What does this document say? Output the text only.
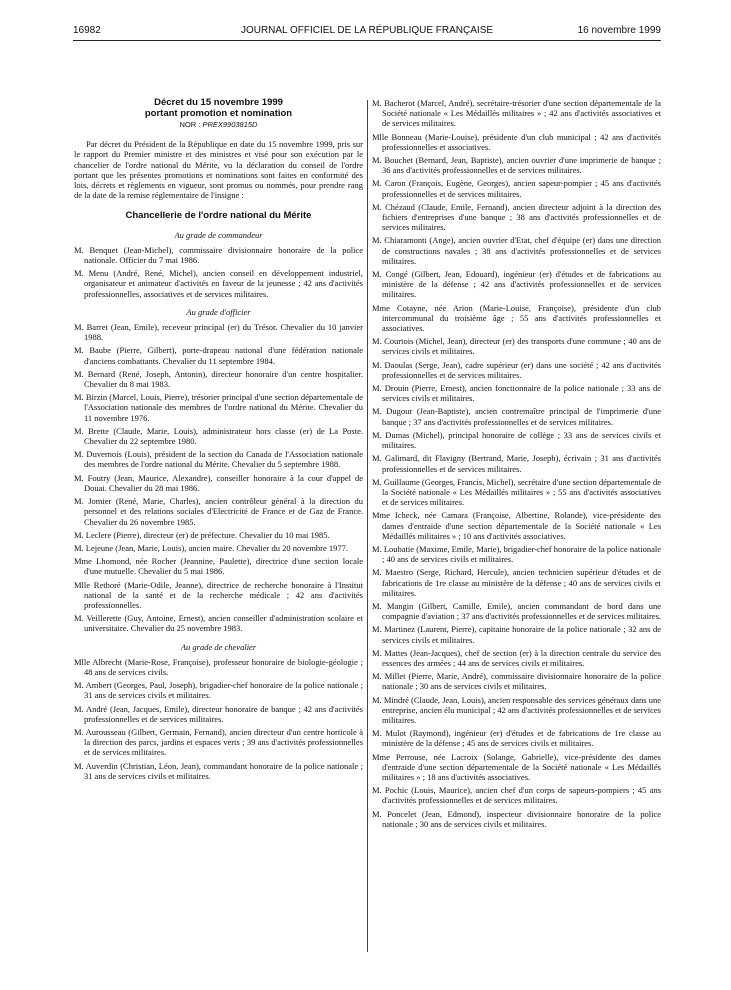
16982	JOURNAL OFFICIEL DE LA RÉPUBLIQUE FRANÇAISE	16 novembre 1999
Décret du 15 novembre 1999
portant promotion et nomination
NOR : PREX9903815D

Par décret du Président de la République en date du 15 novembre 1999, pris sur le rapport du Premier ministre et des ministres et visé pour son exécution par le chancelier de l'ordre national du Mérite, vu la déclaration du conseil de l'ordre portant que les présentes promotions et nominations sont faites en conformité des lois, décrets et règlements en vigueur, sont promus ou nommés, pour prendre rang de la date de la remise réglementaire de l'insigne :

Chancellerie de l'ordre national du Mérite
Au grade de commandeur

M. Benquet (Jean-Michel), commissaire divisionnaire honoraire de la police nationale. Officier du 7 mai 1986.

M. Menu (André, René, Michel), ancien conseil en développement industriel, organisateur et animateur d'activités en faveur de la jeunesse ; 42 ans d'activités professionnelles, associatives et de services militaires.

Au grade d'officier

M. Barret (Jean, Emile), receveur principal (er) du Trésor. Chevalier du 10 janvier 1988.

M. Baube (Pierre, Gilbert), porte-drapeau national d'une fédération nationale d'anciens combattants. Chevalier du 11 septembre 1984.

M. Bernard (René, Joseph, Antonin), directeur honoraire d'un centre hospitalier. Chevalier du 8 mai 1983.

M. Birzin (Marcel, Louis, Pierre), trésorier principal d'une section départementale de l'Association nationale des membres de l'ordre national du Mérite. Chevalier du 11 novembre 1976.

M. Brette (Claude, Marie, Louis), administrateur hors classe (er) de La Poste. Chevalier du 22 septembre 1980.

M. Duvernois (Louis), président de la section du Canada de l'Association nationale des membres de l'ordre national du Mérite. Chevalier du 5 septembre 1988.

M. Foutry (Jean, Maurice, Alexandre), conseiller honoraire à la cour d'appel de Douai. Chevalier du 28 mai 1986.

M. Jomier (René, Marie, Charles), ancien contrôleur général à la direction du personnel et des relations sociales d'Electricité de France et de Gaz de France. Chevalier du 26 novembre 1985.

M. Leclere (Pierre), directeur (er) de préfecture. Chevalier du 10 mai 1985.

M. Lejeune (Jean, Marie, Louis), ancien maire. Chevalier du 20 novembre 1977.

Mme Lhomond, née Rocher (Jeannine, Paulette), directrice d'une section locale d'une mutuelle. Chevalier du 5 mai 1986.

Mlle Rethoré (Marie-Odile, Jeanne), directrice de recherche honoraire à l'Institut national de la santé et de la recherche médicale ; 42 ans d'activités professionnelles.

M. Veillerette (Guy, Antoine, Ernest), ancien conseiller d'administration scolaire et universitaire. Chevalier du 25 novembre 1983.

Au grade de chevalier

Mlle Albrecht (Marie-Rose, Françoise), professeur honoraire de biologie-géologie ; 48 ans de services civils.

M. Ambert (Georges, Paul, Joseph), brigadier-chef honoraire de la police nationale ; 31 ans de services civils et militaires.

M. André (Jean, Jacques, Emile), directeur honoraire de banque ; 42 ans d'activités professionnelles et de services militaires.

M. Aurousseau (Gilbert, Germain, Fernand), ancien directeur d'un centre horticole à la direction des parcs, jardins et espaces verts ; 39 ans d'activités professionnelles et de services militaires.

M. Auverdin (Christian, Léon, Jean), commandant honoraire de la police nationale ; 31 ans de services civils et militaires.

M. Bacherot (Marcel, André), secrétaire-trésorier d'une section départementale de la Société nationale « Les Médaillés militaires » ; 42 ans d'activités associatives et de services militaires.

Mlle Bonneau (Marie-Louise), présidente d'un club municipal ; 42 ans d'activités professionnelles et associatives.

M. Bouchet (Bernard, Jean, Baptiste), ancien ouvrier d'une imprimerie de banque ; 36 ans d'activités professionnelles et de services militaires.

M. Caron (François, Eugène, Georges), ancien sapeur-pompier ; 45 ans d'activités professionnelles et de services militaires.

M. Chézaud (Claude, Emile, Fernand), ancien directeur adjoint à la direction des fichiers d'entreprises d'une banque ; 38 ans d'activités professionnelles et de services militaires.

M. Chiaramonti (Ange), ancien ouvrier d'Etat, chef d'équipe (er) dans une direction de constructions navales ; 38 ans d'activités professionnelles et de services militaires.

M. Congé (Gilbert, Jean, Edouard), ingénieur (er) d'études et de fabrications au ministère de la défense ; 42 ans d'activités professionnelles et de services militaires.

Mme Cotayne, née Arion (Marie-Louise, Françoise), présidente d'un club intercommunal du troisième âge ; 55 ans d'activités professionnelles et associatives.

M. Courtois (Michel, Jean), directeur (er) des transports d'une commune ; 40 ans de services civils et militaires.

M. Daoulas (Serge, Jean), cadre supérieur (er) dans une société ; 42 ans d'activités professionnelles et de services militaires.

M. Drouin (Pierre, Ernest), ancien fonctionnaire de la police nationale ; 33 ans de services civils et militaires.

M. Dugour (Jean-Baptiste), ancien contremaître principal de l'imprimerie d'une banque ; 37 ans d'activités professionnelles et de services militaires.

M. Dumas (Michel), principal honoraire de collège ; 33 ans de services civils et militaires.

M. Galimard, dit Flavigny (Bertrand, Marie, Joseph), écrivain ; 31 ans d'activités professionnelles et de services militaires.

M. Guillaume (Georges, Francis, Michel), secrétaire d'une section départementale de la Société nationale « Les Médaillés militaires » ; 55 ans d'activités associatives et de services militaires.

Mme Icheck, née Camara (Françoise, Albertine, Rolande), vice-présidente des dames d'entraide d'une section départementale de la Société nationale « Les Médaillés militaires » ; 10 ans d'activités associatives.

M. Loubatie (Maxime, Emile, Marie), brigadier-chef honoraire de la police nationale ; 40 ans de services civils et militaires.

M. Maestro (Serge, Richard, Hercule), ancien technicien supérieur d'études et de fabrications de 1re classe au ministère de la défense ; 40 ans de services civils et militaires.

M. Mangin (Gilbert, Camille, Emile), ancien commandant de bord dans une compagnie d'aviation ; 37 ans d'activités professionnelles et de services militaires.

M. Martinez (Laurent, Pierre), capitaine honoraire de la police nationale ; 32 ans de services civils et militaires.

M. Mattes (Jean-Jacques), chef de section (er) à la direction centrale du service des essences des armées ; 44 ans de services civils et militaires.

M. Millet (Pierre, Marie, André), commissaire divisionnaire honoraire de la police nationale ; 30 ans de services civils et militaires.

M. Mindré (Claude, Jean, Louis), ancien responsable des services généraux dans une entreprise, ancien élu municipal ; 42 ans d'activités professionnelles et de services militaires.

M. Mulot (Raymond), ingénieur (er) d'études et de fabrications de 1re classe au ministère de la défense ; 45 ans de services civils et militaires.

Mme Perrouse, née Lacroix (Solange, Gabrielle), vice-présidente des dames d'entraide d'une section départementale de la Société nationale « Les Médaillés militaires » ; 18 ans d'activités associatives.

M. Pochic (Louis, Maurice), ancien chef d'un corps de sapeurs-pompiers ; 45 ans d'activités professionnelles et de services militaires.

M. Poncelet (Jean, Edmond), inspecteur divisionnaire honoraire de la police nationale ; 30 ans de services civils et militaires.
